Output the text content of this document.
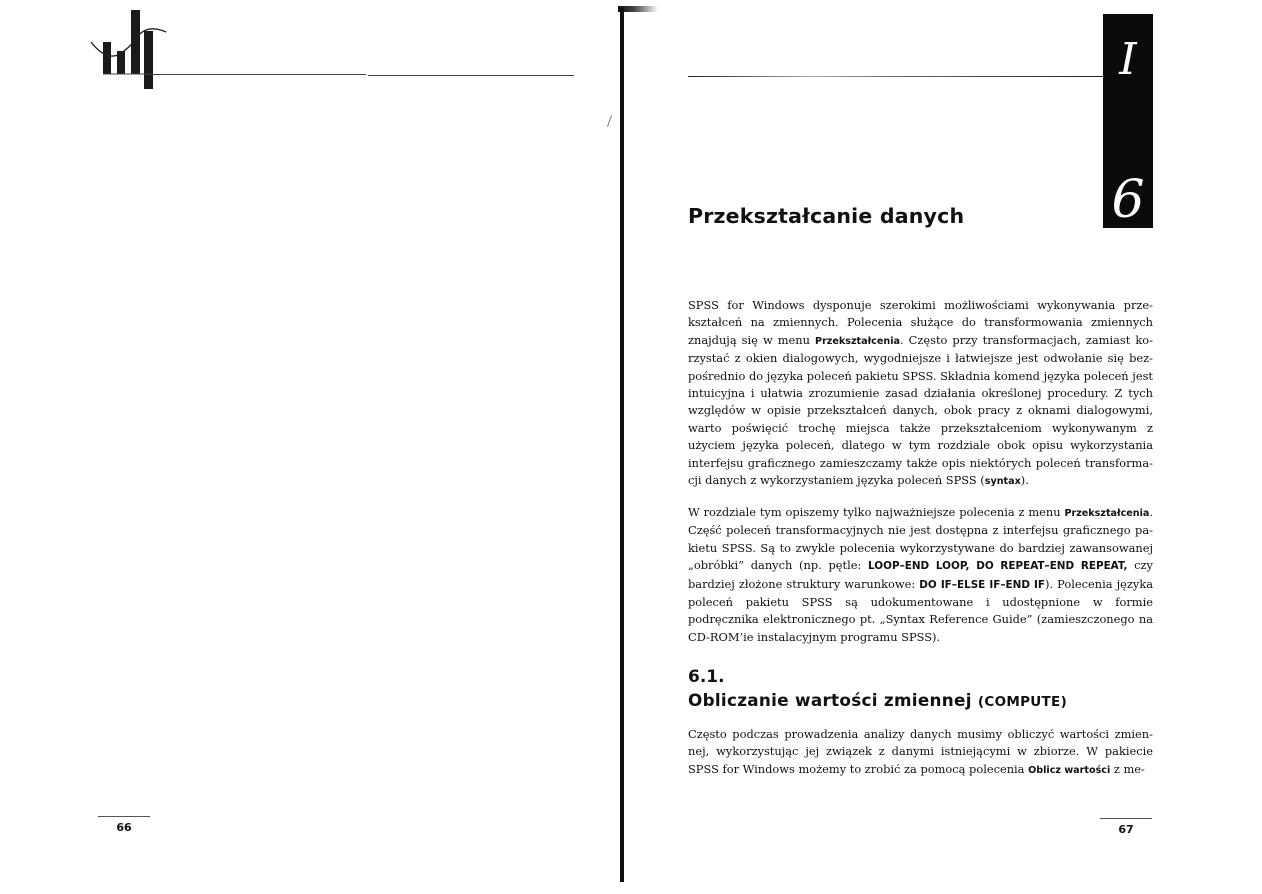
66
I
6
Przekształcanie danych

SPSS for Windows dysponuje szerokimi możliwościami wykonywania przekształceń na zmiennych. Polecenia służące do transformowania zmiennych znajdują się w menu Przekształcenia. Często przy transformacjach, zamiast korzystać z okien dialogowych, wygodniejsze i łatwiejsze jest odwołanie się bezpośrednio do języka poleceń pakietu SPSS. Składnia komend języka poleceń jest intuicyjna i ułatwia zrozumienie zasad działania określonej procedury. Z tych względów w opisie przekształceń danych, obok pracy z oknami dialogowymi, warto poświęcić trochę miejsca także przekształceniom wykonywanym z użyciem języka poleceń, dlatego w tym rozdziale obok opisu wykorzystania interfejsu graficznego zamieszczamy także opis niektórych poleceń transformacji danych z wykorzystaniem języka poleceń SPSS (syntax).

W rozdziale tym opiszemy tylko najważniejsze polecenia z menu Przekształcenia. Część poleceń transformacyjnych nie jest dostępna z interfejsu graficznego pakietu SPSS. Są to zwykle polecenia wykorzystywane do bardziej zawansowanej „obróbki” danych (np. pętle: LOOP–END LOOP, DO REPEAT–END REPEAT, czy bardziej złożone struktury warunkowe: DO IF–ELSE IF–END IF). Polecenia języka poleceń pakietu SPSS są udokumentowane i udostępnione w formie podręcznika elektronicznego pt. „Syntax Reference Guide” (zamieszczonego na CD-ROM’ie instalacyjnym programu SPSS).

6.1.
Obliczanie wartości zmiennej (COMPUTE)

Często podczas prowadzenia analizy danych musimy obliczyć wartości zmiennej, wykorzystując jej związek z danymi istniejącymi w zbiorze. W pakiecie SPSS for Windows możemy to zrobić za pomocą polecenia Oblicz wartości z me-

67
